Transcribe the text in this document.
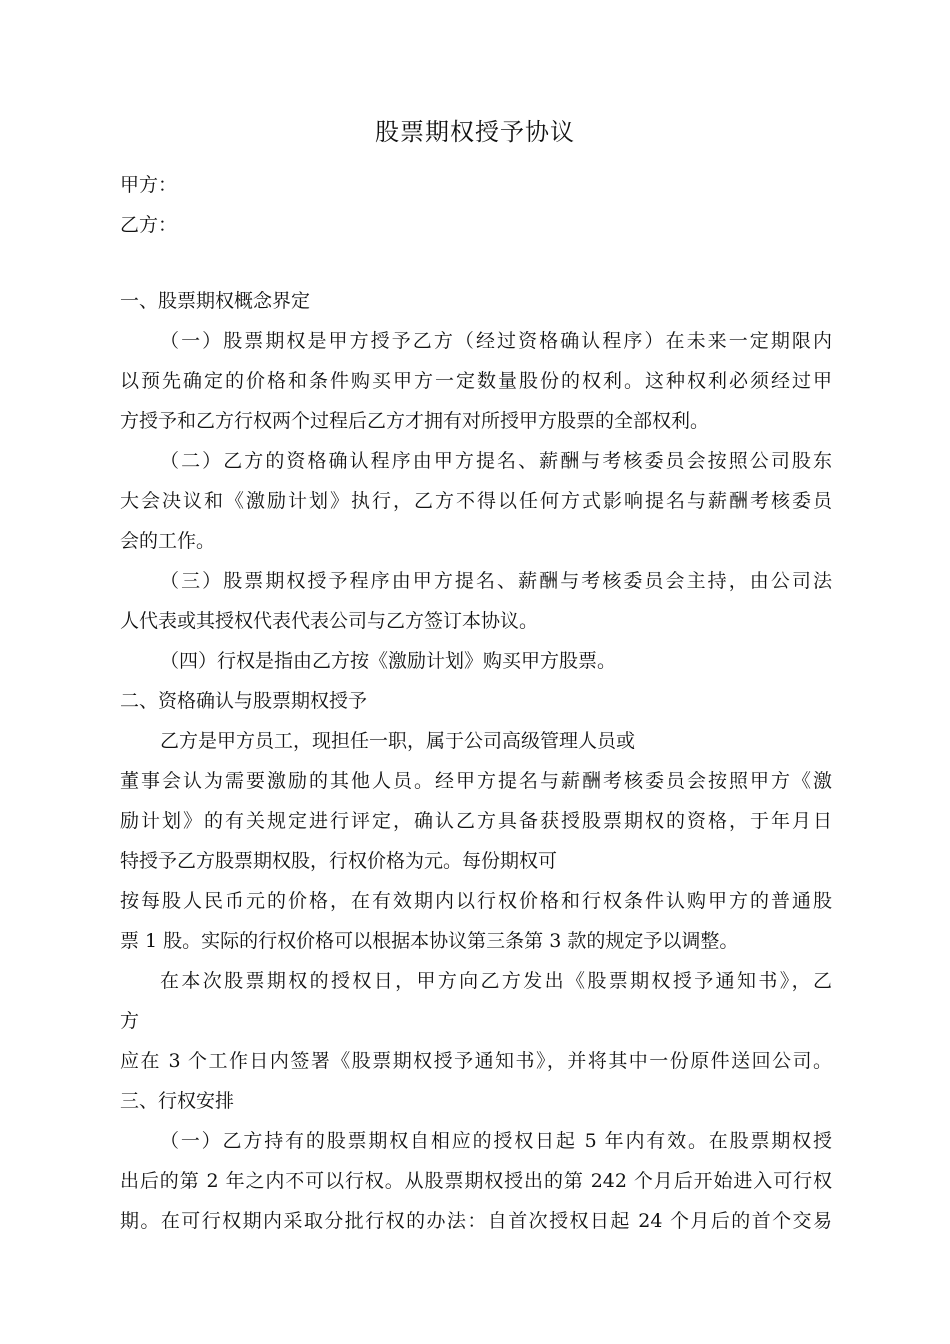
股票期权授予协议

甲方：

乙方：

一、股票期权概念界定

（一）股票期权是甲方授予乙方（经过资格确认程序）在未来一定期限内

以预先确定的价格和条件购买甲方一定数量股份的权利。这种权利必须经过甲

方授予和乙方行权两个过程后乙方才拥有对所授甲方股票的全部权利。

（二）乙方的资格确认程序由甲方提名、薪酬与考核委员会按照公司股东

大会决议和《激励计划》执行，乙方不得以任何方式影响提名与薪酬考核委员

会的工作。

（三）股票期权授予程序由甲方提名、薪酬与考核委员会主持，由公司法

人代表或其授权代表代表公司与乙方签订本协议。

（四）行权是指由乙方按《激励计划》购买甲方股票。

二、资格确认与股票期权授予

乙方是甲方员工，现担任一职，属于公司高级管理人员或

董事会认为需要激励的其他人员。经甲方提名与薪酬考核委员会按照甲方《激

励计划》的有关规定进行评定，确认乙方具备获授股票期权的资格，于年月日

特授予乙方股票期权股，行权价格为元。每份期权可

按每股人民币元的价格，在有效期内以行权价格和行权条件认购甲方的普通股

票 1 股。实际的行权价格可以根据本协议第三条第 3 款的规定予以调整。

在本次股票期权的授权日，甲方向乙方发出《股票期权授予通知书》，乙

方

应在 3 个工作日内签署《股票期权授予通知书》，并将其中一份原件送回公司。

三、行权安排

（一）乙方持有的股票期权自相应的授权日起 5 年内有效。在股票期权授

出后的第 2 年之内不可以行权。从股票期权授出的第 242 个月后开始进入可行权

期。在可行权期内采取分批行权的办法：自首次授权日起 24 个月后的首个交易
